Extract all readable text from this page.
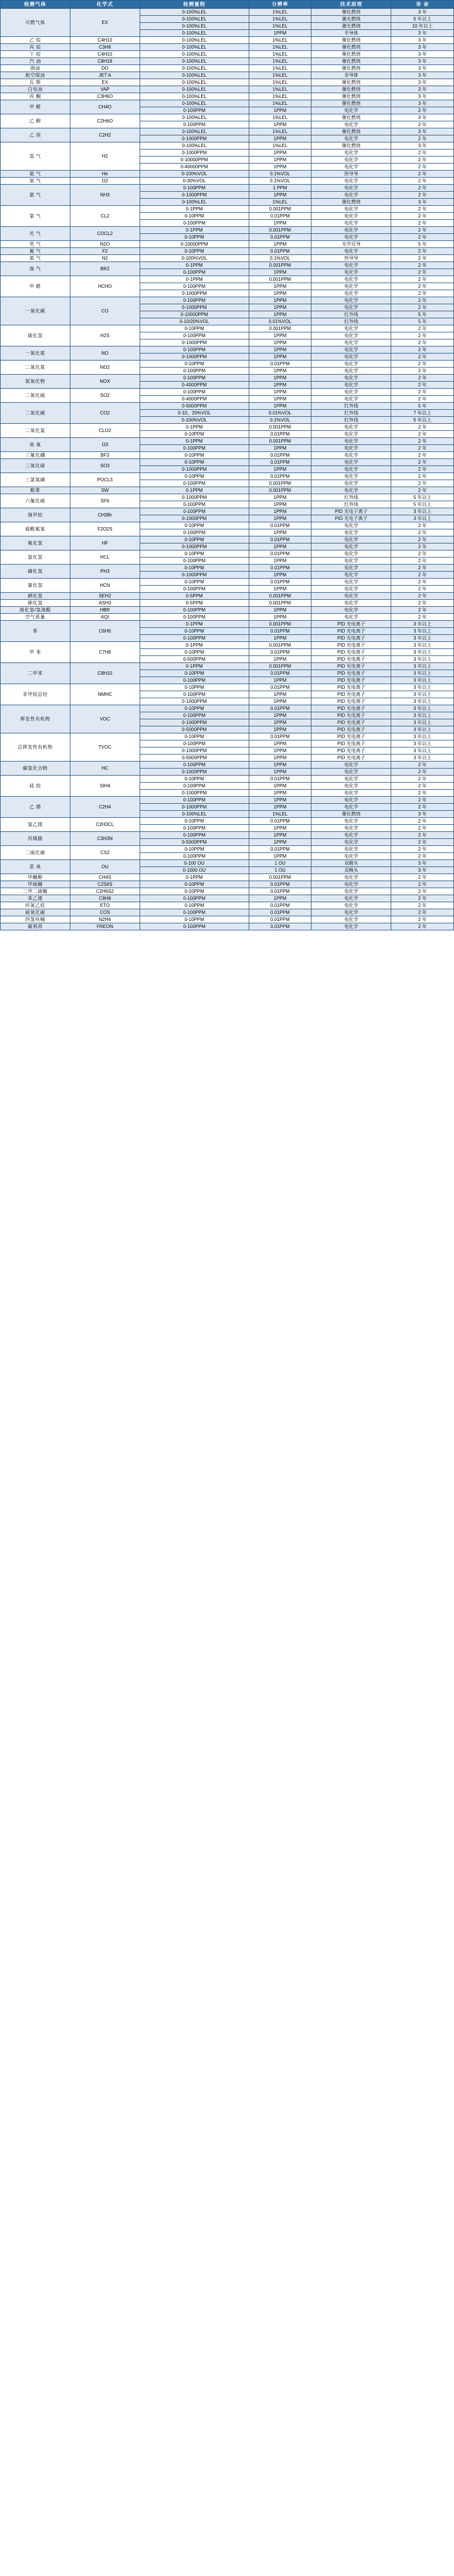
检测气体	化学式	检测量程	分辨率	技术原理	寿 命
可燃气体	EX	0-100%LEL	1%LEL	催化燃烧	3 年
		0-100%LEL	1%LEL	激光燃烧	5 年以上
		0-100%LEL	1%LEL	激光燃烧	10 年以上
		0-100%LEL	1PPM	半导体	3 年
乙 烷	C4H10	0-100%LEL	1%LEL	催化燃烧	3 年
丙 烷	C3H8	0-100%LEL	1%LEL	催化燃烧	3 年
丁 烷	C4H10	0-100%LEL	1%LEL	催化燃烧	3 年
汽 油	C8H18	0-100%LEL	1%LEL	催化燃烧	3 年
酒油	DO	0-100%LEL	1%LEL	催化燃烧	3 年
航空煤油	JET A	0-100%LEL	1%LEL	非导体	3 年
瓦 斯	EX	0-100%LEL	1%LEL	催化燃烧	3 年
白电油	VAP	0-100%LEL	1%LEL	催化燃烧	3 年
丙 酮	C3H6O	0-100%LEL	1%LEL	催化燃烧	3 年
甲 醛	CH4O	0-100%LEL	1%LEL	催化燃烧	3 年
		0-100PPM	1PPM	电化学	2 年
乙 醇	C2H6O	0-100%LEL	1%LEL	催化燃烧	3 年
		0-100PPM	1PPM	电化学	2 年
乙 炔	C2H2	0-100%LEL	1%LEL	催化燃烧	3 年
		0-1000PPM	1PPM	电化学	2 年
氢 气	H2	0-100%LEL	1%LEL	催化燃烧	3 年
		0-1000PPM	1PPM	电化学	2 年
		0-10000PPM	1PPM	电化学	2 年
		0-40000PPM	1PPM	电化学	2 年
氦 气	He	0-100%VOL	0.1%VOL	热导导	2 年
氧 气	O2	0-30%VOL	0.1%VOL	电化学	2 年
氨 气	NH3	0-100PPM	1 PPM	电化学	2 年
		0-1000PPM	1PPM	电化学	2 年
		0-100%LEL	1%LEL	催化燃烧	3 年
氯 气	CL2	0-1PPM	0.001PPM	电化学	2 年
		0-10PPM	0.01PPM	电化学	2 年
		0-100PPM	1PPM	电化学	2 年
光 气	COCL2	0-1PPM	0.001PPM	电化学	2 年
		0-10PPM	0.01PPM	电化学	2 年
笑 气	N2O	0-10000PPM	1PPM	光学反导	5 年
氟 气	F2	0-10PPM	0.01PPM	电化学	2 年
氮 气	N2	0-100%VOL	0.1%VOL	热导导	2 年
溴 气	BR2	0-1PPM	0.001PPM	电化学	2 年
		0-100PPM	1PPM	电化学	2 年
甲 醛	HCHO	0-1PPM	0.001PPM	电化学	2 年
		0-100PPM	1PPM	电化学	2 年
		0-1000PPM	1PPM	电化学	2 年
一氧化碳	CO	0-100PPM	1PPM	电化学	2 年
		0-1000PPM	1PPM	电化学	2 年
		0-10000PPM	1PPM	红外线	5 年
		0-10/20%VOL	0.01%VOL	红外线	5 年
硫化氢	H2S	0-10PPM	0.001PPM	电化学	2 年
		0-100PPM	1PPM	电化学	2 年
		0-1000PPM	1PPM	电化学	2 年
一氧化氮	NO	0-100PPM	1PPM	电化学	2 年
		0-1000PPM	1PPM	电化学	2 年
二氧化氮	NO2	0-10PPM	0.01PPM	电化学	2 年
		0-100PPM	1PPM	电化学	2 年
氮氧化物	NOX	0-100PPM	1PPM	电化学	2 年
		0-4000PPM	1PPM	电化学	2 年
二氧化硫	SO2	0-100PPM	1PPM	电化学	2 年
		0-4000PPM	1PPM	电化学	2 年
二氧化碳	CO2	0-5000PPM	1PPM	红外线	5 年
		0-10、20%VOL	0.01%VOL	红外线	7 年以上
		0-100%VOL	0.1%VOL	红外线	5 年以上
二氧化氯	CLO2	0-1PPM	0.001PPM	电化学	2 年
		0-10PPM	0.01PPM	电化学	2 年
臭 氧	O3	0-1PPM	0.001PPM	电化学	2 年
		0-100PPM	1PPM	电化学	2 年
三氟化硼	BF3	0-10PPM	0.01PPM	电化学	2 年
三氧化硫	SO3	0-10PPM	0.01PPM	电化学	2 年
		0-1000PPM	1PPM	电化学	2 年
三氯氧磷	POCL3	0-10PPM	0.01PPM	电化学	2 年
		0-100PPM	0.001PPM	电化学	2 年
酸雾	SW	0-1PPM	0.001PPM	电化学	2 年
六氟化硫	SF6	0-1000PPM	1PPM	红外线	5 年以上
		0-100PPM	1PPM	红外线	5 年以上
溴甲烷	CH3Br	0-100PPM	1PPM	PID 光电子离子	3 年以上
		0-1000PPM	1PPM	PID 光电子离子	3 年以上
硫酰氟氧	F2O2S	0-10PPM	0.01PPM	电化学	2 年
		0-100PPM	1PPM	电化学	2 年
氟化氢	HF	0-10PPM	0.01PPM	电化学	2 年
		0-1000PPM	1PPM	电化学	2 年
氯化氢	HCL	0-10PPM	0.01PPM	电化学	2 年
		0-100PPM	1PPM	电化学	2 年
磷化氢	PH3	0-10PPM	0.01PPM	电化学	2 年
		0-1000PPM	1PPM	电化学	2 年
氰化氢	HCN	0-10PPM	0.01PPM	电化学	2 年
		0-100PPM	1PPM	电化学	2 年
硒化氢	SEH2	0-5PPM	0.001PPM	电化学	2 年
砷化氢	ASH3	0-5PPM	0.001PPM	电化学	2 年
溴化氢/氢溴酸	HBR	0-100PPM	1PPM	电化学	2 年
空气质量	AQI	0-100PPM	1PPM	电化学	2 年
苯	C6H6	0-1PPM	0.001PPM	PID 光电离子	3 年以上
		0-10PPM	0.01PPM	PID 光电离子	3 年以上
		0-100PPM	1PPM	PID 光电离子	3 年以上
甲 苯	C7H8	0-1PPM	0.001PPM	PID 光电离子	3 年以上
		0-10PPM	0.01PPM	PID 光电离子	3 年以上
		0-500PPM	1PPM	PID 光电离子	3 年以上
二甲苯	C8H10	0-1PPM	0.001PPM	PID 光电离子	3 年以上
		0-10PPM	0.01PPM	PID 光电离子	3 年以上
		0-100PPM	1PPM	PID 光电离子	3 年以上
非甲烷总烃	NMHC	0-10PPM	0.01PPM	PID 光电离子	3 年以上
		0-100PPM	1PPM	PID 光电离子	3 年以上
		0-1000PPM	1PPM	PID 光电离子	3 年以上
挥发性有机物	VOC	0-10PPM	0.01PPM	PID 光电离子	3 年以上
		0-100PPM	1PPM	PID 光电离子	3 年以上
		0-1000PPM	1PPM	PID 光电离子	3 年以上
		0-5000PPM	1PPM	PID 光电离子	3 年以上
总挥发性有机物	TVOC	0-10PPM	0.01PPM	PID 光电离子	3 年以上
		0-100PPM	1PPM	PID 光电离子	3 年以上
		0-1000PPM	1PPM	PID 光电离子	3 年以上
		0-5000PPM	1PPM	PID 光电离子	3 年以上
碳氢化合物	HC	0-100PPM	1PPM	电化学	2 年
		0-1000PPM	1PPM	电化学	2 年
硅 烷	SIH4	0-10PPM	0.01PPM	电化学	2 年
		0-100PPM	1PPM	电化学	2 年
		0-1000PPM	1PPM	电化学	2 年
乙 烯	C2H4	0-100PPM	1PPM	电化学	2 年
		0-1000PPM	1PPM	电化学	2 年
		0-100%LEL	1%LEL	催化燃烧	3 年
氯乙烯	C2H3CL	0-10PPM	0.01PPM	电化学	2 年
		0-100PPM	1PPM	电化学	2 年
丙烯腈	C3H3N	0-100PPM	1PPM	电化学	2 年
		0-5000PPM	1PPM	电化学	2 年
二硫化碳	CS2	0-10PPM	0.01PPM	电化学	2 年
		0-100PPM	1PPM	电化学	2 年
恶 臭	OU	0-100 OU	1 OU	双极头	3 年
		0-1000 OU	1 OU	双极头	3 年
甲醚醇	CH4S	0-1PPM	0.001PPM	电化学	2 年
甲硫醚	C2S6S	0-10PPM	0.01PPM	电化学	2 年
二甲二硫醚	C2H6S2	0-10PPM	0.01PPM	电化学	2 年
苯乙烯	C8H8	0-100PPM	1PPM	电化学	2 年
环氧乙烷	ETO	0-10PPM	0.01PPM	电化学	2 年
硫氧化碳	COS	0-100PPM	0.01PPM	电化学	2 年
四氢呋喃	N2H4	0-10PPM	0.01PPM	电化学	2 年
氟利昂	FREON	0-100PPM	0.01PPM	电化学	2 年
